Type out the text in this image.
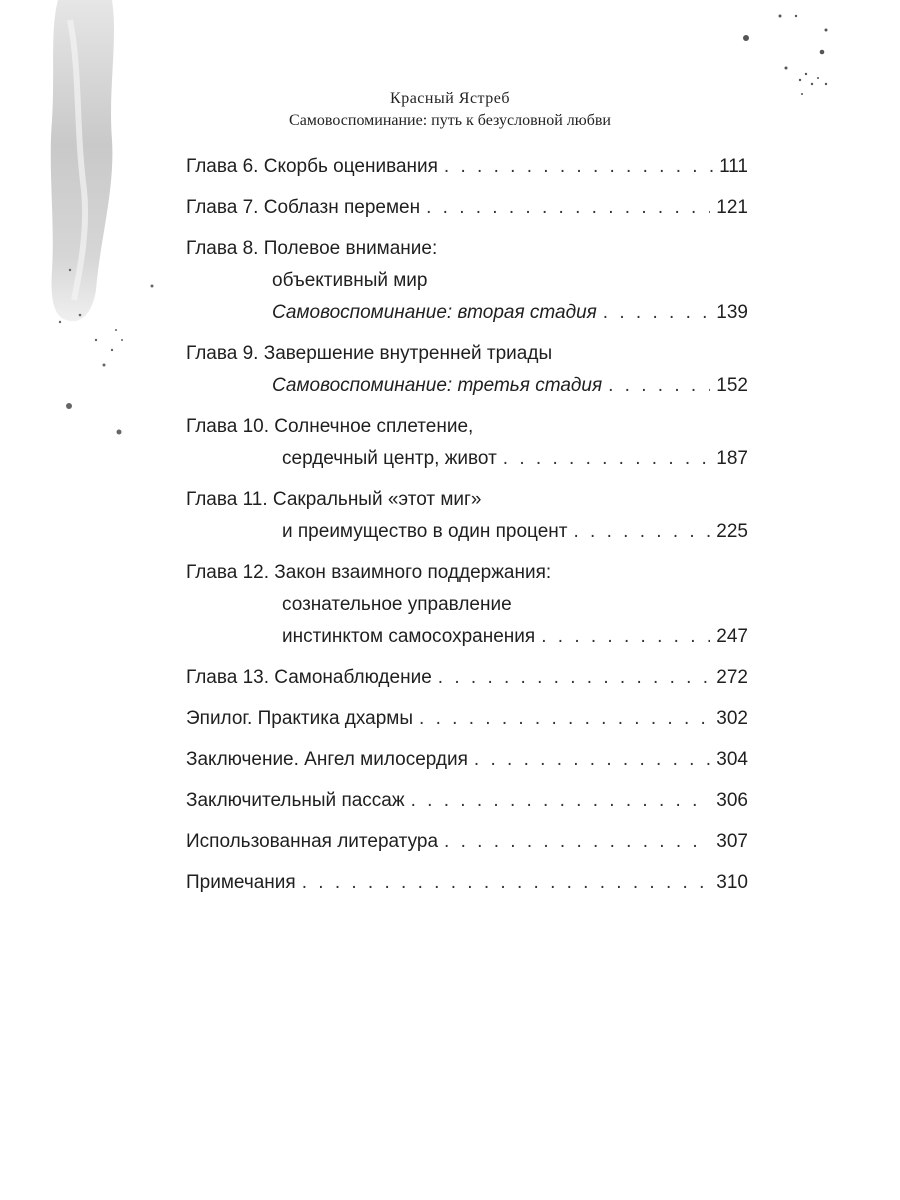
Красный Ястреб
Самовоспоминание: путь к безусловной любви
Глава 6. Скорбь оценивания . . .	111
Глава 7. Соблазн перемен . . .	121
Глава 8. Полевое внимание:
объективный мир
Самовоспоминание: вторая стадия . . .	139
Глава 9. Завершение внутренней триады
Самовоспоминание: третья стадия . . .	152
Глава 10. Солнечное сплетение,
сердечный центр, живот . . .	187
Глава 11. Сакральный «этот миг»
и преимущество в один процент . . .	225
Глава 12. Закон взаимного поддержания:
сознательное управление
инстинктом самосохранения . . .	247
Глава 13. Самонаблюдение . . .	272
Эпилог. Практика дхармы . . .	302
Заключение. Ангел милосердия . . .	304
Заключительный пассаж . . .	306
Использованная литература . . .	307
Примечания . . .	310
